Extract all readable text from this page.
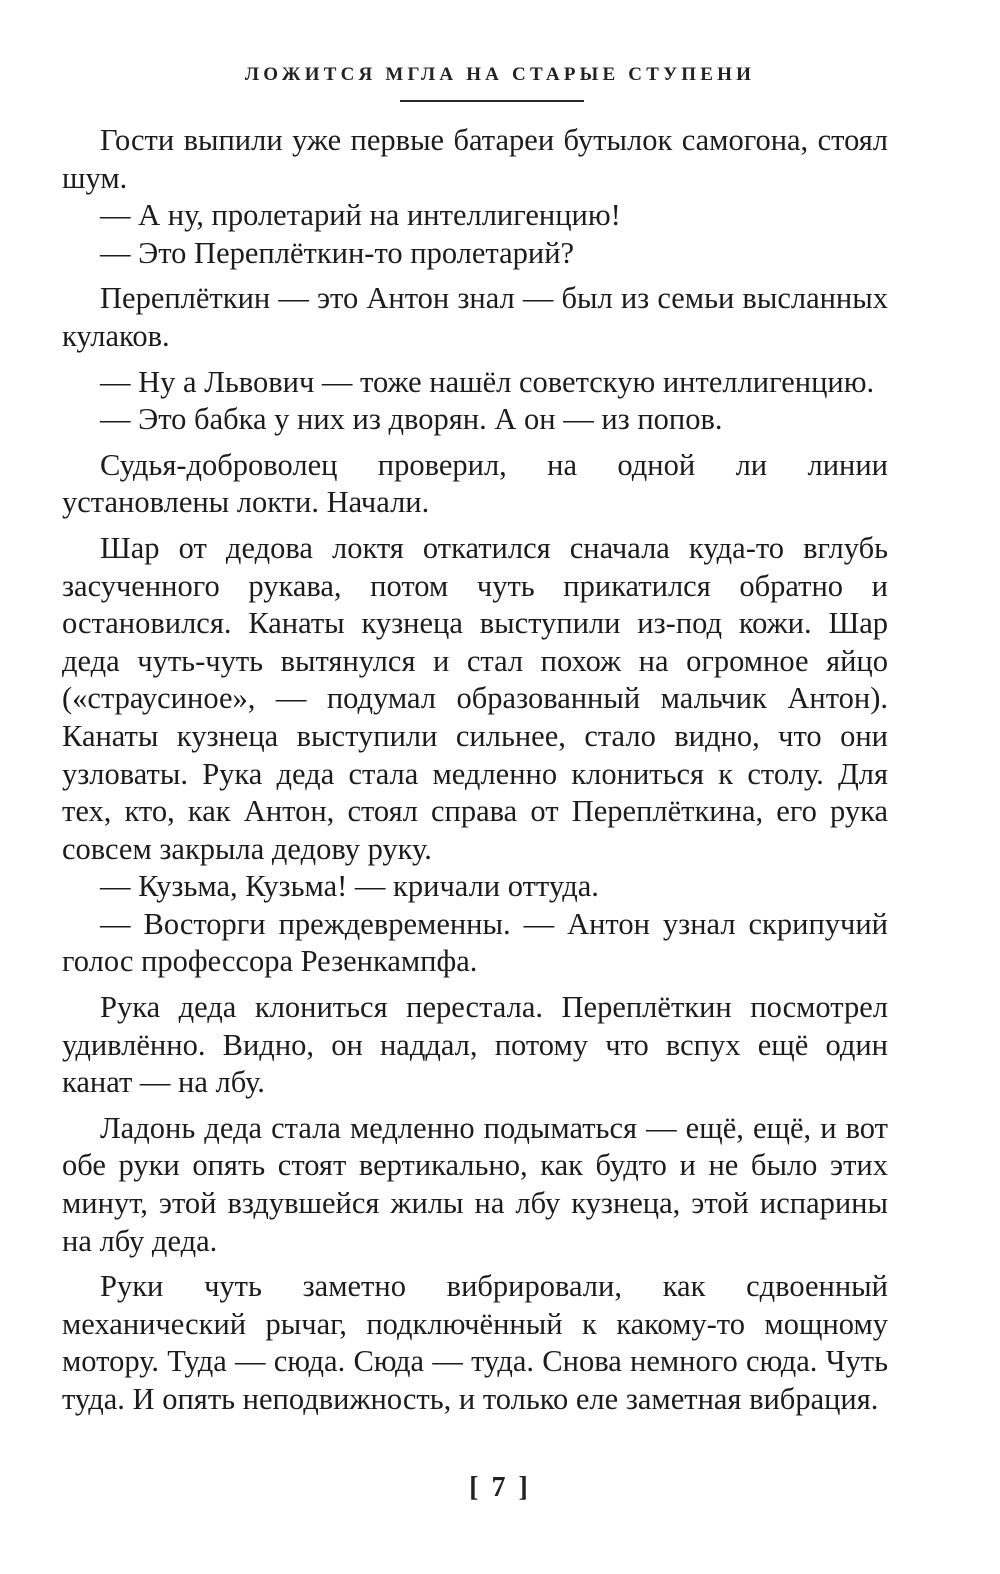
ЛОЖИТСЯ МГЛА НА СТАРЫЕ СТУПЕНИ

Гости выпили уже первые батареи бутылок самогона, стоял шум.

— А ну, пролетарий на интеллигенцию!

— Это Переплёткин-то пролетарий?

Переплёткин — это Антон знал — был из семьи высланных кулаков.

— Ну а Львович — тоже нашёл советскую интеллигенцию.

— Это бабка у них из дворян. А он — из попов.

Судья-доброволец проверил, на одной ли линии установлены локти. Начали.

Шар от дедова локтя откатился сначала куда-то вглубь засученного рукава, потом чуть прикатился обратно и остановился. Канаты кузнеца выступили из-под кожи. Шар деда чуть-чуть вытянулся и стал похож на огромное яйцо («страусиное», — подумал образованный мальчик Антон). Канаты кузнеца выступили сильнее, стало видно, что они узловаты. Рука деда стала медленно клониться к столу. Для тех, кто, как Антон, стоял справа от Переплёткина, его рука совсем закрыла дедову руку.

— Кузьма, Кузьма! — кричали оттуда.

— Восторги преждевременны. — Антон узнал скрипучий голос профессора Резенкампфа.

Рука деда клониться перестала. Переплёткин посмотрел удивлённо. Видно, он наддал, потому что вспух ещё один канат — на лбу.

Ладонь деда стала медленно подыматься — ещё, ещё, и вот обе руки опять стоят вертикально, как будто и не было этих минут, этой вздувшейся жилы на лбу кузнеца, этой испарины на лбу деда.

Руки чуть заметно вибрировали, как сдвоенный механический рычаг, подключённый к какому-то мощному мотору. Туда — сюда. Сюда — туда. Снова немного сюда. Чуть туда. И опять неподвижность, и только еле заметная вибрация.

[ 7 ]
